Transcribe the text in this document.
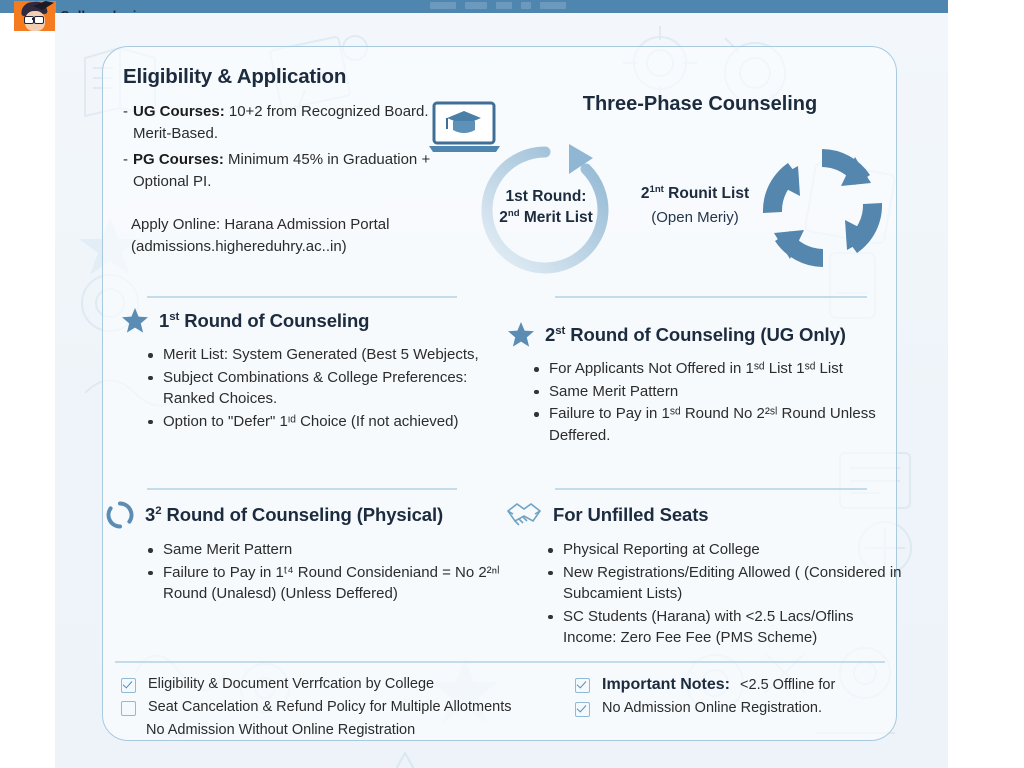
Eligibility & Application
- UG Courses: 10+2 from Recognized Board. Merit-Based.
- PG Courses: Minimum 45% in Graduation + Optional PI.
Apply Online: Harana Admission Portal
(admissions.highereduhry.ac..in)
Three-Phase Counseling
1st Round:
2nd Merit List
$2^{1nt}$ Rounit List
(Open Meriy)
1st Round of Counseling
Merit List: System Generated (Best 5 Webjects,
Subject Combinations & College Preferences: Ranked Choices.
Option to "Defer" 1ᶦᵈ Choice (If not achieved)
2st Round of Counseling (UG Only)
For Applicants Not Offered in 1ˢᵈ List 1ˢᵈ List
Same Merit Pattern
Failure to Pay in 1ˢᵈ Round No 2²ˢˡ Round Unless Deffered.
$3^2$ Round of Counseling (Physical)
Same Merit Pattern
Failure to Pay in 1ᵗ⁴ Round Consideniand = No 2²ⁿˡ Round (Unalesd) (Unless Deffered)
For Unfilled Seats
Physical Reporting at College
New Registrations/Editing Allowed ( (Considered in Subcamient Lists)
SC Students (Harana) with <2.5 Lacs/Oflins Income: Zero Fee Fee (PMS Scheme)
Eligibility & Document Verrfcation by College
Seat Cancelation & Refund Policy for Multiple Allotments
No Admission Without Online Registration
Important Notes: <2.5 Offline for
No Admission Online Registration.
